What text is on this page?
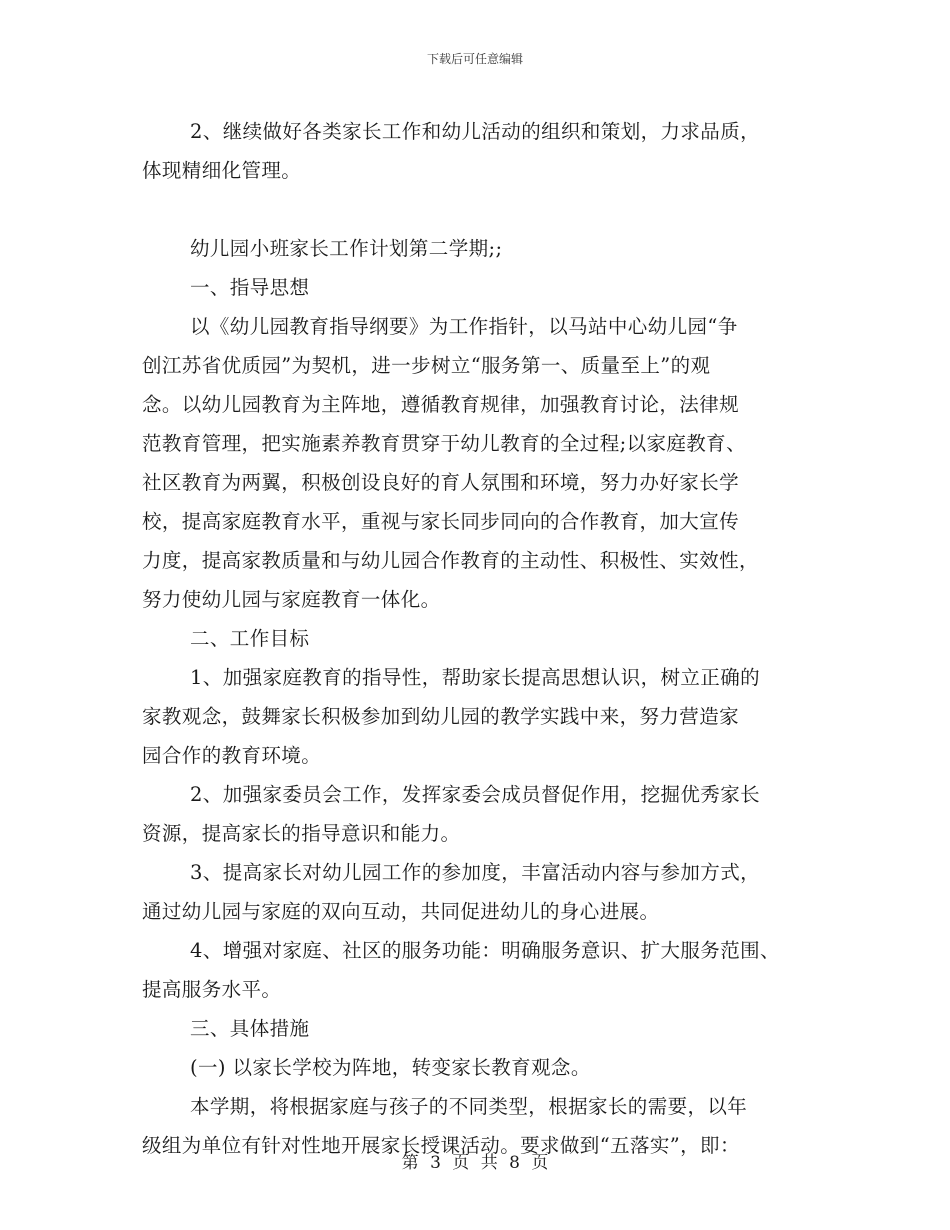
下载后可任意编辑
2、继续做好各类家长工作和幼儿活动的组织和策划，力求品质，
体现精细化管理。
幼儿园小班家长工作计划第二学期;;
一、指导思想
以《幼儿园教育指导纲要》为工作指针，以马站中心幼儿园“争
创江苏省优质园”为契机，进一步树立“服务第一、质量至上”的观
念。以幼儿园教育为主阵地，遵循教育规律，加强教育讨论，法律规
范教育管理，把实施素养教育贯穿于幼儿教育的全过程;以家庭教育、
社区教育为两翼，积极创设良好的育人氛围和环境，努力办好家长学
校，提高家庭教育水平，重视与家长同步同向的合作教育，加大宣传
力度，提高家教质量和与幼儿园合作教育的主动性、积极性、实效性，
努力使幼儿园与家庭教育一体化。
二、工作目标
1、加强家庭教育的指导性，帮助家长提高思想认识，树立正确的
家教观念，鼓舞家长积极参加到幼儿园的教学实践中来，努力营造家
园合作的教育环境。
2、加强家委员会工作，发挥家委会成员督促作用，挖掘优秀家长
资源，提高家长的指导意识和能力。
3、提高家长对幼儿园工作的参加度，丰富活动内容与参加方式，
通过幼儿园与家庭的双向互动，共同促进幼儿的身心进展。
4、增强对家庭、社区的服务功能：明确服务意识、扩大服务范围、
提高服务水平。
三、具体措施
(一) 以家长学校为阵地，转变家长教育观念。
本学期，将根据家庭与孩子的不同类型，根据家长的需要，以年
级组为单位有针对性地开展家长授课活动。要求做到“五落实”，即：
第 3 页 共 8 页
